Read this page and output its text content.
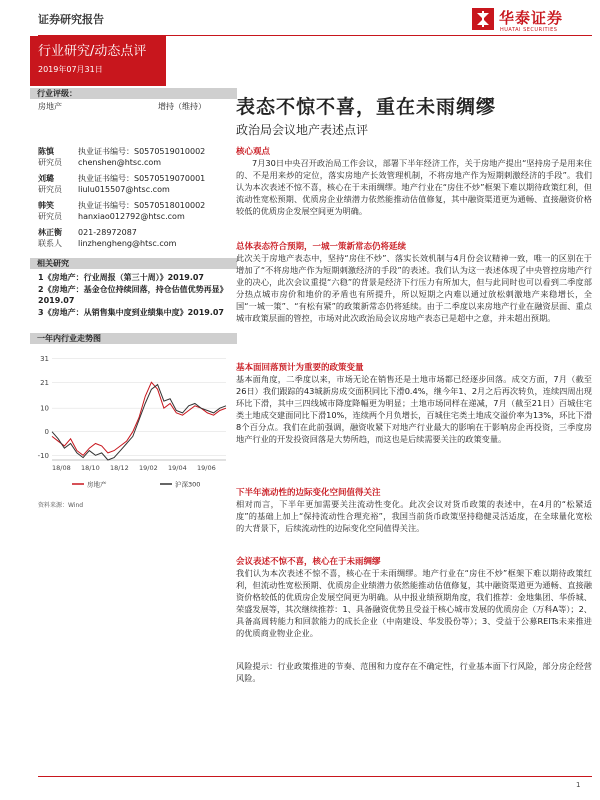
证券研究报告	华泰证券
HUATAI SECURITIES
行业研究/动态点评
2019年07月31日
行业评级：
房地产	增持（维持）
陈慎
研究员
执业证书编号：S0570519010002
chenshen@htsc.com
刘璐
研究员
执业证书编号：S0570519070001
liulu015507@htsc.com
韩笑
研究员
执业证书编号：S0570518010002
hanxiao012792@htsc.com
林正衡
联系人
021-28972087
linzhengheng@htsc.com
相关研究
1《房地产：行业周报（第三十周）》2019.07
2《房地产：基金仓位持续回落，持仓估值优势再显》2019.07
3《房地产：从销售集中度到业绩集中度》2019.07
一年内行业走势图
-10
0
10
21
31
18/08 18/10 18/12 19/02 19/04 19/06
房地产	沪深300
资料来源：Wind
表态不惊不喜，重在未雨绸缪
政治局会议地产表述点评
核心观点
7月30日中央召开政治局工作会议，部署下半年经济工作，关于房地产提出“坚持房子是用来住的、不是用来炒的定位，落实房地产长效管理机制，不将房地产作为短期刺激经济的手段”。我们认为本次表述不惊不喜，核心在于未雨绸缪。地产行业在“房住不炒”框架下难以期待政策红利，但流动性宽松预期、优质房企业绩潜力依然能推动估值修复，其中融资渠道更为通畅、直接融资价格较低的优质房企发展空间更为明确。
总体表态符合预期，一城一策新常态仍将延续
此次关于房地产表态中，坚持“房住不炒”、落实长效机制与4月份会议精神一致，唯一的区别在于增加了“不将房地产作为短期刺激经济的手段”的表述。我们认为这一表述体现了中央管控房地产行业的决心，此次会议重提“六稳”的背景是经济下行压力有所加大，但与此同时也可以看到二季度部分热点城市房价和地价的矛盾也有所提升，所以短期之内难以通过放松刺激地产来稳增长，全国“一城一策”、“有松有紧”的政策新常态仍将延续。由于二季度以来房地产行业在融资层面、重点城市政策层面的管控，市场对此次政治局会议房地产表态已是超中之意，并未超出预期。
基本面回落预计为重要的政策变量
基本面角度，二季度以来，市场无论在销售还是土地市场都已经逐步回落。成交方面，7月（截至26日）我们跟踪的43城新房成交面积同比下滑0.4%，继今年1、2月之后再次转负，连续四周出现环比下滑，其中三四线城市降度降幅更为明显；土地市场同样在递减，7月（截至21日）百城住宅类土地成交建面同比下滑10%，连续两个月负增长，百城住宅类土地成交溢价率为13%，环比下滑8个百分点。我们在此前强调，融资收紧下对地产行业最大的影响在于影响房企再投资，三季度房地产行业的开发投资回落是大势所趋，而这也是后续需要关注的政策变量。
下半年流动性的边际变化空间值得关注
相对而言，下半年更加需要关注流动性变化。此次会议对货币政策的表述中，在4月的“松紧适度”的基础上加上“保持流动性合理充裕”，我国当前货币政策坚持稳健灵活适度，在全球量化宽松的大背景下，后续流动性的边际变化空间值得关注。
会议表述不惊不喜，核心在于未雨绸缪
我们认为本次表述不惊不喜，核心在于未雨绸缪。地产行业在“房住不炒”框架下难以期待政策红利，但流动性宽松预期、优质房企业绩潜力依然能推动估值修复，其中融资渠道更为通畅、直接融资价格较低的优质房企发展空间更为明确。从中报业绩预期角度，我们推荐：金地集团、华侨城、荣盛发展等，其次继续推荐：1、具备融资优势且受益于核心城市发展的优质房企（万科A等）；2、具备高周转能力和回款能力的成长企业（中南建设、华发股份等）；3、受益于公募REITs未来推进的优质商业物业企业。
风险提示：行业政策推进的节奏、范围和力度存在不确定性，行业基本面下行风险，部分房企经营风险。
1
